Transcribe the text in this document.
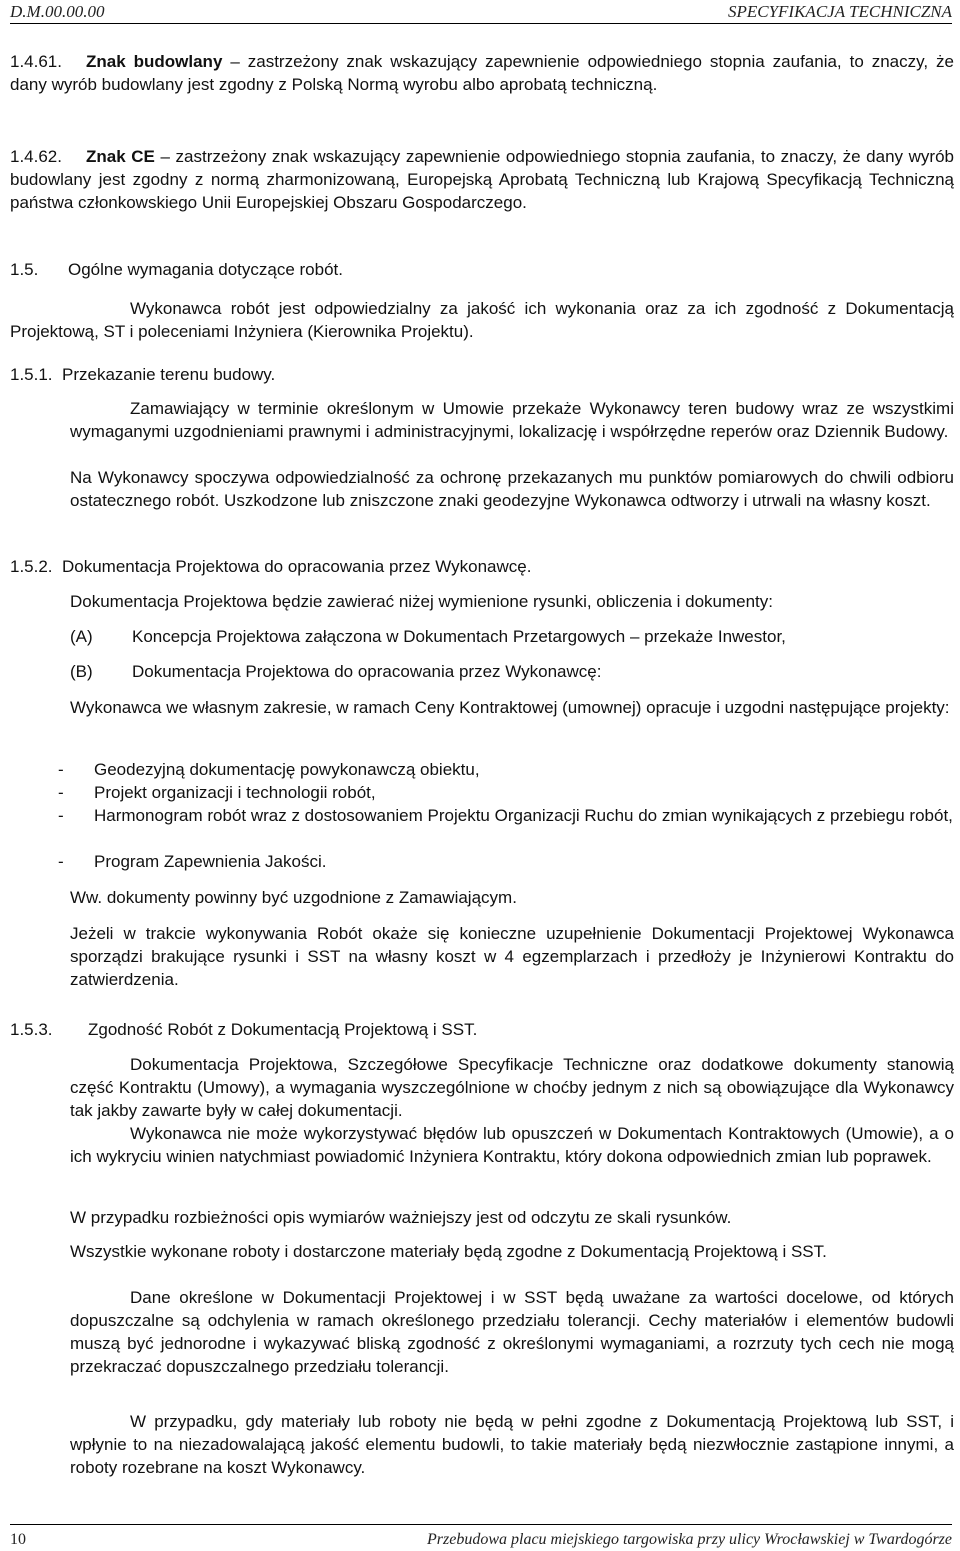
D.M.00.00.00	SPECYFIKACJA TECHNICZNA
1.4.61. Znak budowlany – zastrzeżony znak wskazujący zapewnienie odpowiedniego stopnia zaufania, to znaczy, że dany wyrób budowlany jest zgodny z Polską Normą wyrobu albo aprobatą techniczną.
1.4.62. Znak CE – zastrzeżony znak wskazujący zapewnienie odpowiedniego stopnia zaufania, to znaczy, że dany wyrób budowlany jest zgodny z normą zharmonizowaną, Europejską Aprobatą Techniczną lub Krajową Specyfikacją Techniczną państwa członkowskiego Unii Europejskiej Obszaru Gospodarczego.
1.5. Ogólne wymagania dotyczące robót.
Wykonawca robót jest odpowiedzialny za jakość ich wykonania oraz za ich zgodność z Dokumentacją Projektową, ST i poleceniami Inżyniera (Kierownika Projektu).
1.5.1. Przekazanie terenu budowy.
Zamawiający w terminie określonym w Umowie przekaże Wykonawcy teren budowy wraz ze wszystkimi wymaganymi uzgodnieniami prawnymi i administracyjnymi, lokalizację i współrzędne reperów oraz Dziennik Budowy.
Na Wykonawcy spoczywa odpowiedzialność za ochronę przekazanych mu punktów pomiarowych do chwili odbioru ostatecznego robót. Uszkodzone lub zniszczone znaki geodezyjne Wykonawca odtworzy i utrwali na własny koszt.
1.5.2. Dokumentacja Projektowa do opracowania przez Wykonawcę.
Dokumentacja Projektowa będzie zawierać niżej wymienione rysunki, obliczenia i dokumenty:
(A) Koncepcja Projektowa załączona w Dokumentach Przetargowych – przekaże Inwestor,
(B) Dokumentacja Projektowa do opracowania przez Wykonawcę:
Wykonawca we własnym zakresie, w ramach Ceny Kontraktowej (umownej) opracuje i uzgodni następujące projekty:
- Geodezyjną dokumentację powykonawczą obiektu,
- Projekt organizacji i technologii robót,
-	Harmonogram robót wraz z dostosowaniem Projektu Organizacji Ruchu do zmian wynikających z przebiegu robót,
- Program Zapewnienia Jakości.
Ww. dokumenty powinny być uzgodnione z Zamawiającym.
Jeżeli w trakcie wykonywania Robót okaże się konieczne uzupełnienie Dokumentacji Projektowej Wykonawca sporządzi brakujące rysunki i SST na własny koszt w 4 egzemplarzach i przedłoży je Inżynierowi Kontraktu do zatwierdzenia.
1.5.3. Zgodność Robót z Dokumentacją Projektową i SST.
Dokumentacja Projektowa, Szczegółowe Specyfikacje Techniczne oraz dodatkowe dokumenty stanowią część Kontraktu (Umowy), a wymagania wyszczególnione w choćby jednym z nich są obowiązujące dla Wykonawcy tak jakby zawarte były w całej dokumentacji.
Wykonawca nie może wykorzystywać błędów lub opuszczeń w Dokumentach Kontraktowych (Umowie), a o ich wykryciu winien natychmiast powiadomić Inżyniera Kontraktu, który dokona odpowiednich zmian lub poprawek.
W przypadku rozbieżności opis wymiarów ważniejszy jest od odczytu ze skali rysunków.
Wszystkie wykonane roboty i dostarczone materiały będą zgodne z Dokumentacją Projektową i SST.
Dane określone w Dokumentacji Projektowej i w SST będą uważane za wartości docelowe, od których dopuszczalne są odchylenia w ramach określonego przedziału tolerancji. Cechy materiałów i elementów budowli muszą być jednorodne i wykazywać bliską zgodność z określonymi wymaganiami, a rozrzuty tych cech nie mogą przekraczać dopuszczalnego przedziału tolerancji.
W przypadku, gdy materiały lub roboty nie będą w pełni zgodne z Dokumentacją Projektową lub SST, i wpłynie to na niezadowalającą jakość elementu budowli, to takie materiały będą niezwłocznie zastąpione innymi, a roboty rozebrane na koszt Wykonawcy.
10	Przebudowa placu miejskiego targowiska przy ulicy Wrocławskiej w Twardogórze
